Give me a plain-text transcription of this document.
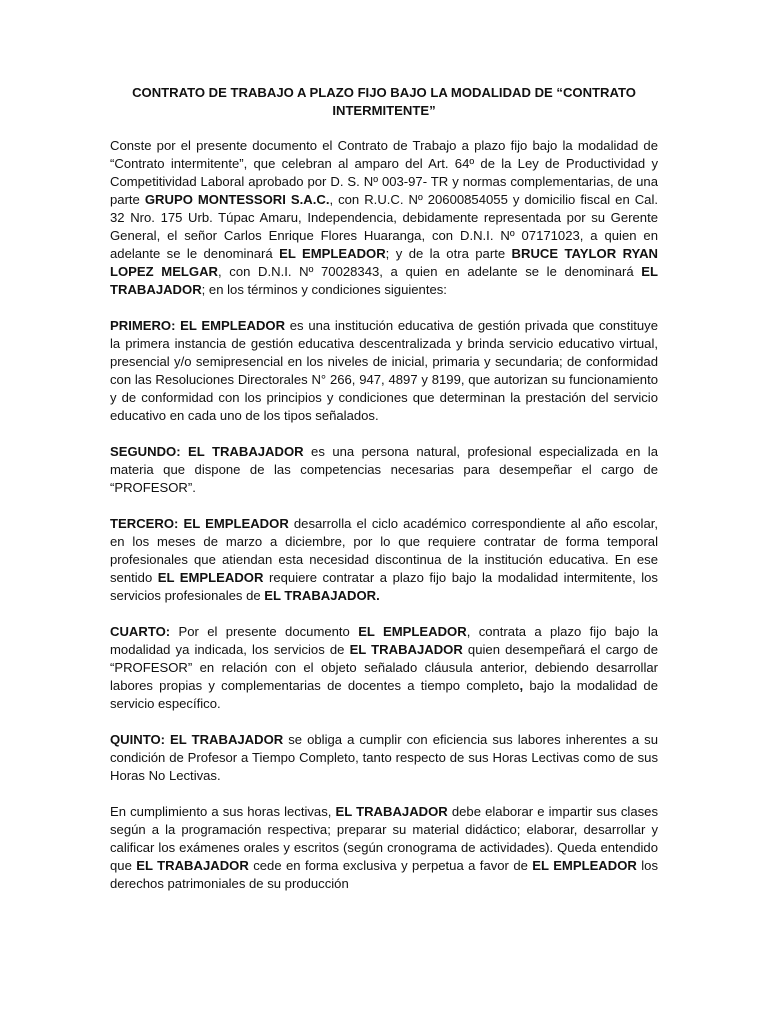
CONTRATO DE TRABAJO A PLAZO FIJO BAJO LA MODALIDAD DE “CONTRATO INTERMITENTE”

Conste por el presente documento el Contrato de Trabajo a plazo fijo bajo la modalidad de “Contrato intermitente”, que celebran al amparo del Art. 64º de la Ley de Productividad y Competitividad Laboral aprobado por D. S. Nº 003-97- TR y normas complementarias, de una parte GRUPO MONTESSORI S.A.C., con R.U.C. Nº 20600854055 y domicilio fiscal en Cal. 32 Nro. 175 Urb. Túpac Amaru, Independencia, debidamente representada por su Gerente General, el señor Carlos Enrique Flores Huaranga, con D.N.I. Nº 07171023, a quien en adelante se le denominará EL EMPLEADOR; y de la otra parte BRUCE TAYLOR RYAN LOPEZ MELGAR, con D.N.I. Nº 70028343, a quien en adelante se le denominará EL TRABAJADOR; en los términos y condiciones siguientes:

PRIMERO: EL EMPLEADOR es una institución educativa de gestión privada que constituye la primera instancia de gestión educativa descentralizada y brinda servicio educativo virtual, presencial y/o semipresencial en los niveles de inicial, primaria y secundaria; de conformidad con las Resoluciones Directorales N° 266, 947, 4897 y 8199, que autorizan su funcionamiento y de conformidad con los principios y condiciones que determinan la prestación del servicio educativo en cada uno de los tipos señalados.

SEGUNDO: EL TRABAJADOR es una persona natural, profesional especializada en la materia que dispone de las competencias necesarias para desempeñar el cargo de “PROFESOR”.

TERCERO: EL EMPLEADOR desarrolla el ciclo académico correspondiente al año escolar, en los meses de marzo a diciembre, por lo que requiere contratar de forma temporal profesionales que atiendan esta necesidad discontinua de la institución educativa. En ese sentido EL EMPLEADOR requiere contratar a plazo fijo bajo la modalidad intermitente, los servicios profesionales de EL TRABAJADOR.

CUARTO: Por el presente documento EL EMPLEADOR, contrata a plazo fijo bajo la modalidad ya indicada, los servicios de EL TRABAJADOR quien desempeñará el cargo de “PROFESOR” en relación con el objeto señalado cláusula anterior, debiendo desarrollar labores propias y complementarias de docentes a tiempo completo, bajo la modalidad de servicio específico.

QUINTO: EL TRABAJADOR se obliga a cumplir con eficiencia sus labores inherentes a su condición de Profesor a Tiempo Completo, tanto respecto de sus Horas Lectivas como de sus Horas No Lectivas.

En cumplimiento a sus horas lectivas, EL TRABAJADOR debe elaborar e impartir sus clases según a la programación respectiva; preparar su material didáctico; elaborar, desarrollar y calificar los exámenes orales y escritos (según cronograma de actividades). Queda entendido que EL TRABAJADOR cede en forma exclusiva y perpetua a favor de EL EMPLEADOR los derechos patrimoniales de su producción
